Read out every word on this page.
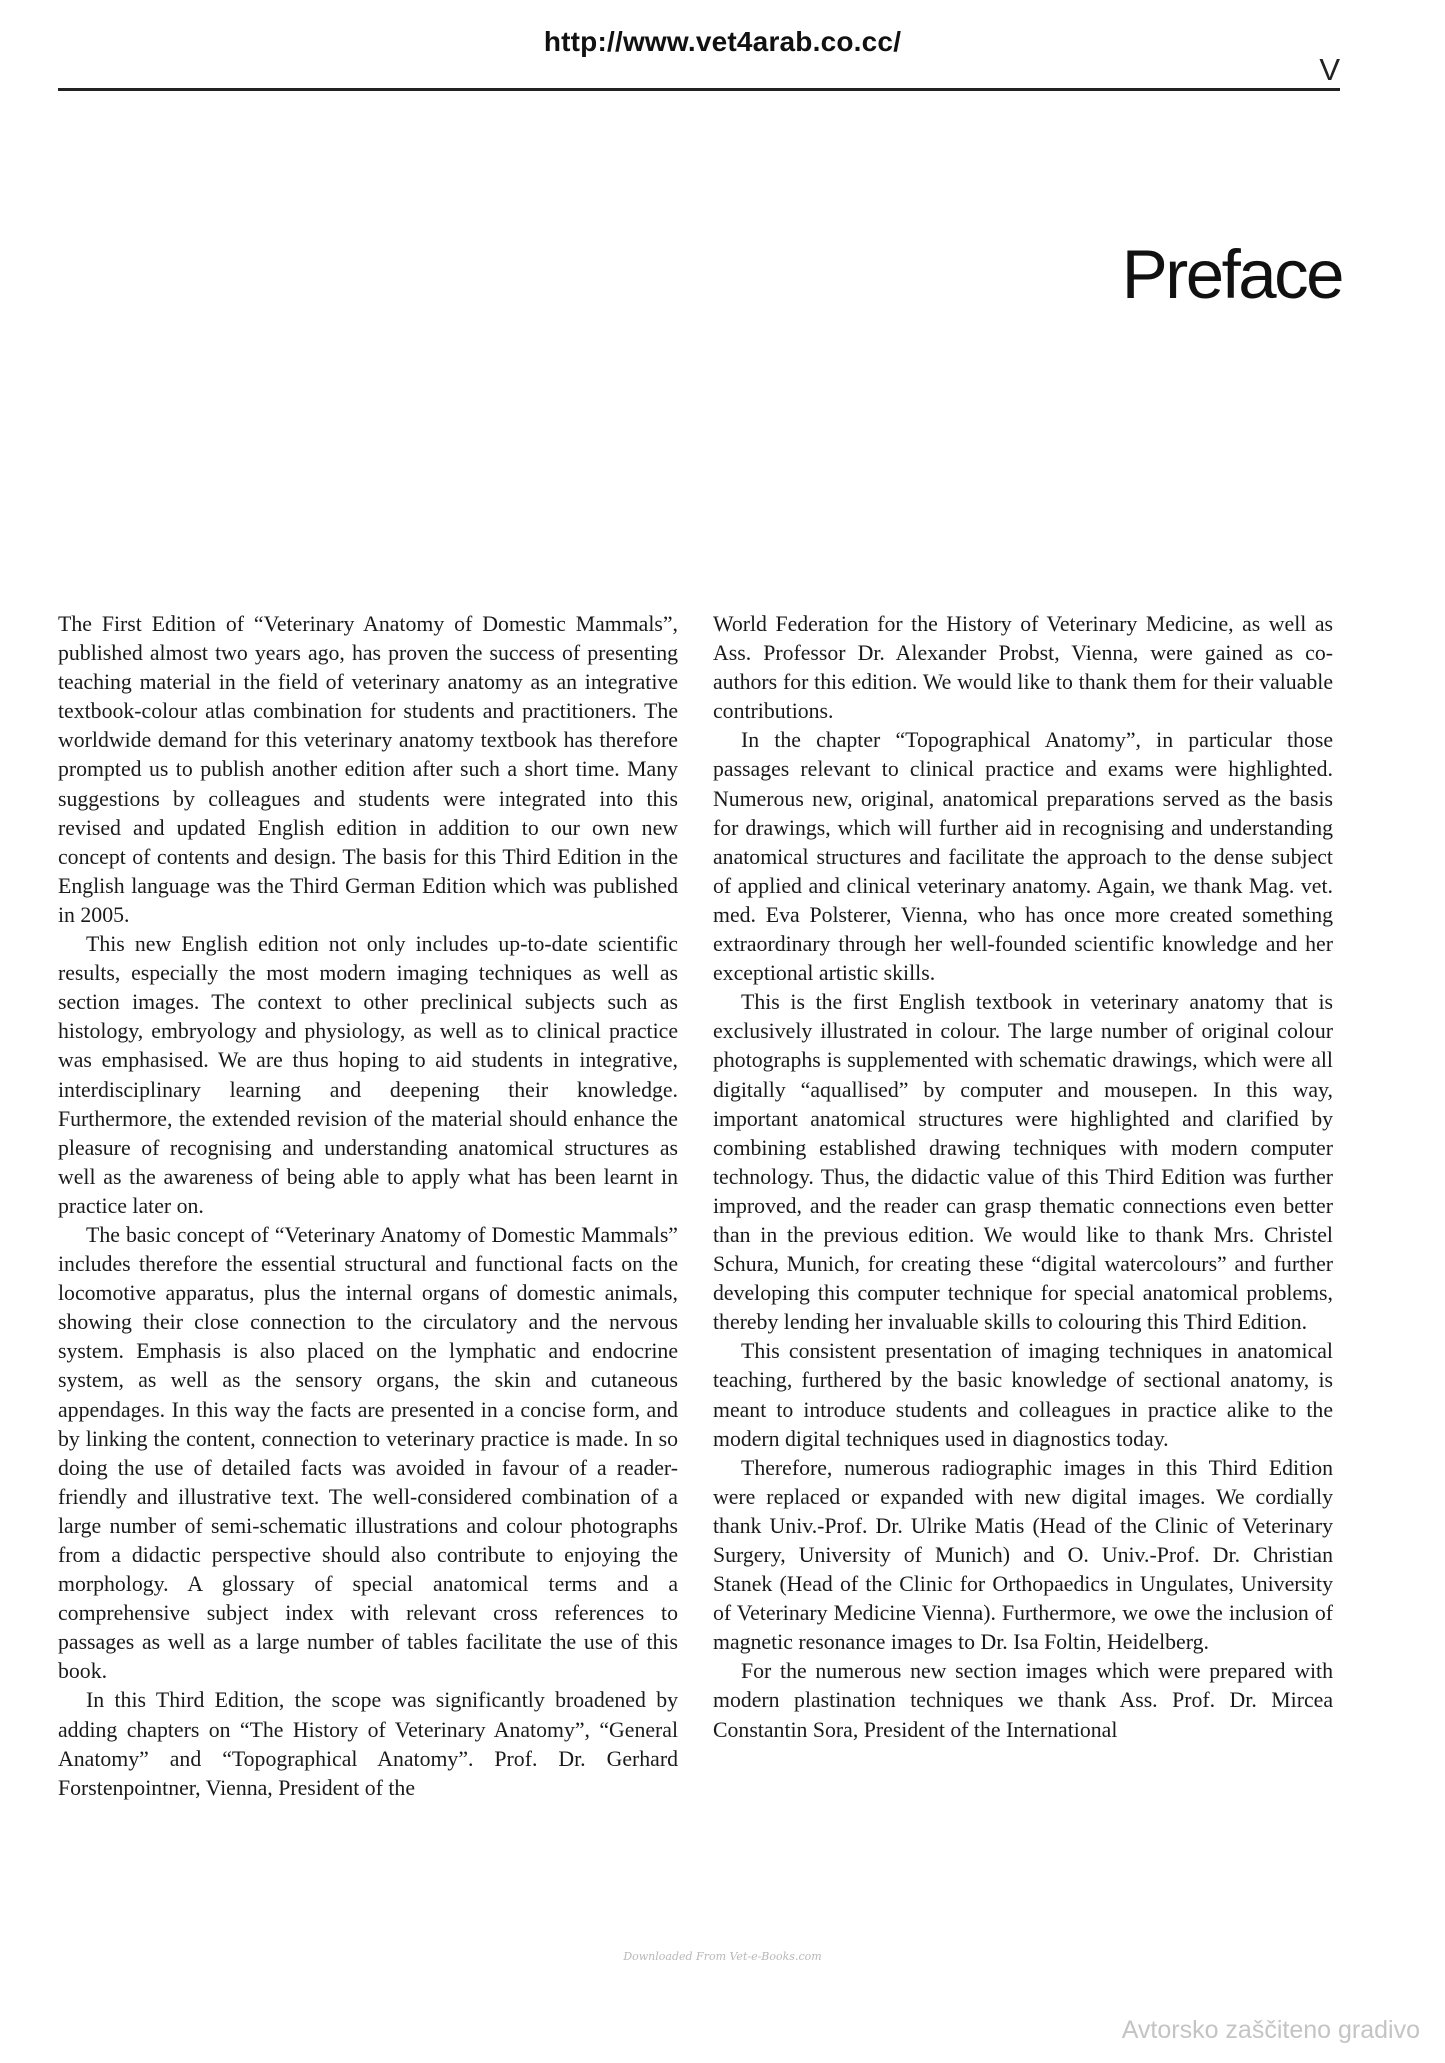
http://www.vet4arab.co.cc/
V
Preface

The First Edition of “Veterinary Anatomy of Domestic Mammals”, published almost two years ago, has proven the success of presenting teaching material in the field of veterinary anatomy as an integrative textbook-colour atlas combination for students and practitioners. The worldwide demand for this veterinary anatomy textbook has therefore prompted us to publish another edition after such a short time. Many suggestions by colleagues and students were integrated into this revised and updated English edition in addition to our own new concept of contents and design. The basis for this Third Edition in the English language was the Third German Edition which was published in 2005.

This new English edition not only includes up-to-date scientific results, especially the most modern imaging techniques as well as section images. The context to other preclinical subjects such as histology, embryology and physiology, as well as to clinical practice was emphasised. We are thus hoping to aid students in integrative, interdisciplinary learning and deepening their knowledge. Furthermore, the extended revision of the material should enhance the pleasure of recognising and understanding anatomical structures as well as the awareness of being able to apply what has been learnt in practice later on.

The basic concept of “Veterinary Anatomy of Domestic Mammals” includes therefore the essential structural and functional facts on the locomotive apparatus, plus the internal organs of domestic animals, showing their close connection to the circulatory and the nervous system. Emphasis is also placed on the lymphatic and endocrine system, as well as the sensory organs, the skin and cutaneous appendages. In this way the facts are presented in a concise form, and by linking the content, connection to veterinary practice is made. In so doing the use of detailed facts was avoided in favour of a reader-friendly and illustrative text. The well-considered combination of a large number of semi-schematic illustrations and colour photographs from a didactic perspective should also contribute to enjoying the morphology. A glossary of special anatomical terms and a comprehensive subject index with relevant cross references to passages as well as a large number of tables facilitate the use of this book.

In this Third Edition, the scope was significantly broadened by adding chapters on “The History of Veterinary Anatomy”, “General Anatomy” and “Topographical Anatomy”. Prof. Dr. Gerhard Forstenpointner, Vienna, President of the

World Federation for the History of Veterinary Medicine, as well as Ass. Professor Dr. Alexander Probst, Vienna, were gained as co-authors for this edition. We would like to thank them for their valuable contributions.

In the chapter “Topographical Anatomy”, in particular those passages relevant to clinical practice and exams were highlighted. Numerous new, original, anatomical preparations served as the basis for drawings, which will further aid in recognising and understanding anatomical structures and facilitate the approach to the dense subject of applied and clinical veterinary anatomy. Again, we thank Mag. vet. med. Eva Polsterer, Vienna, who has once more created something extraordinary through her well-founded scientific knowledge and her exceptional artistic skills.

This is the first English textbook in veterinary anatomy that is exclusively illustrated in colour. The large number of original colour photographs is supplemented with schematic drawings, which were all digitally “aquallised” by computer and mousepen. In this way, important anatomical structures were highlighted and clarified by combining established drawing techniques with modern computer technology. Thus, the didactic value of this Third Edition was further improved, and the reader can grasp thematic connections even better than in the previous edition. We would like to thank Mrs. Christel Schura, Munich, for creating these “digital watercolours” and further developing this computer technique for special anatomical problems, thereby lending her invaluable skills to colouring this Third Edition.

This consistent presentation of imaging techniques in anatomical teaching, furthered by the basic knowledge of sectional anatomy, is meant to introduce students and colleagues in practice alike to the modern digital techniques used in diagnostics today.

Therefore, numerous radiographic images in this Third Edition were replaced or expanded with new digital images. We cordially thank Univ.-Prof. Dr. Ulrike Matis (Head of the Clinic of Veterinary Surgery, University of Munich) and O. Univ.-Prof. Dr. Christian Stanek (Head of the Clinic for Orthopaedics in Ungulates, University of Veterinary Medicine Vienna). Furthermore, we owe the inclusion of magnetic resonance images to Dr. Isa Foltin, Heidelberg.

For the numerous new section images which were prepared with modern plastination techniques we thank Ass. Prof. Dr. Mircea Constantin Sora, President of the International

Downloaded From Vet-e-Books.com
Avtorsko zaščiteno gradivo
